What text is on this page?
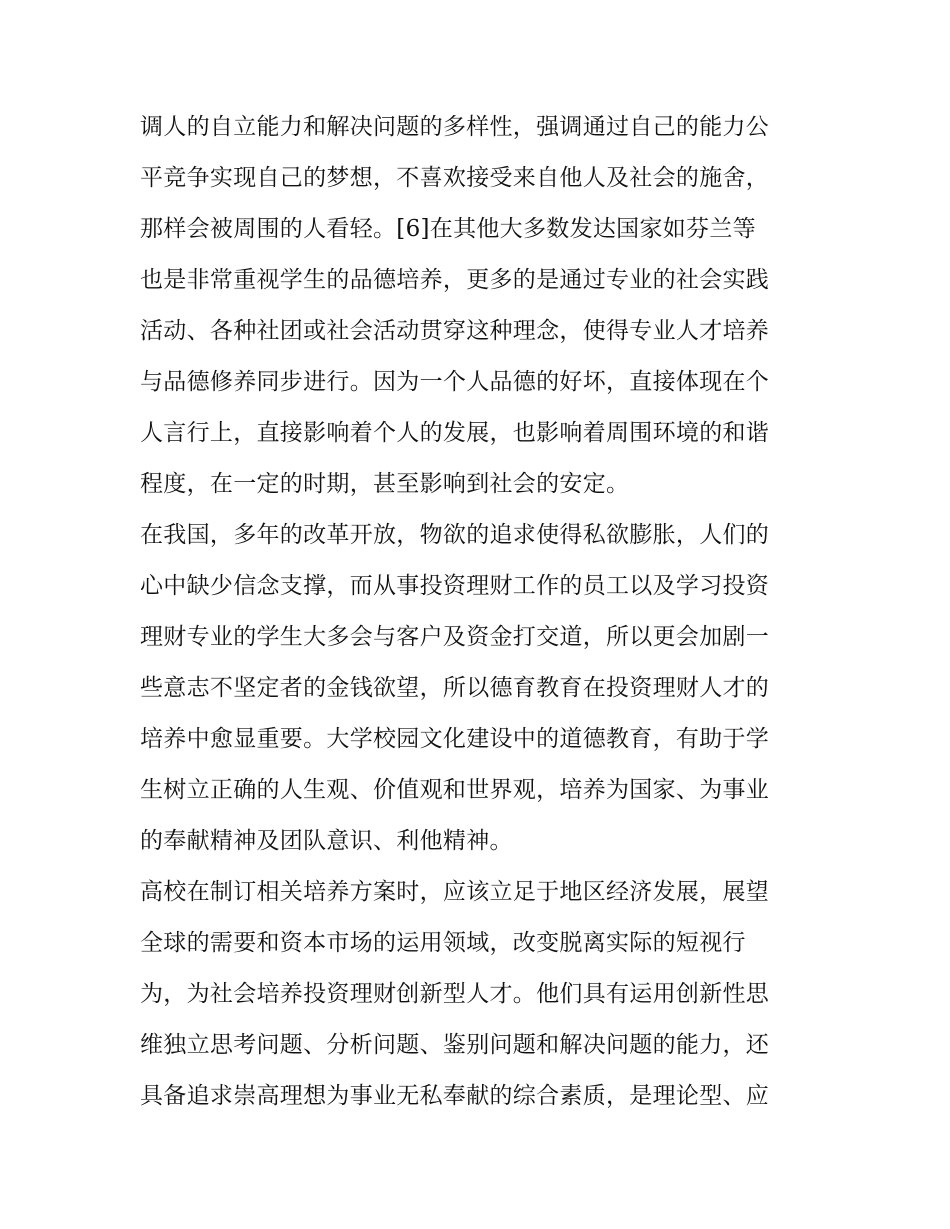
调人的自立能力和解决问题的多样性，强调通过自己的能力公
平竞争实现自己的梦想，不喜欢接受来自他人及社会的施舍，
那样会被周围的人看轻。[6]在其他大多数发达国家如芬兰等
也是非常重视学生的品德培养，更多的是通过专业的社会实践
活动、各种社团或社会活动贯穿这种理念，使得专业人才培养
与品德修养同步进行。因为一个人品德的好坏，直接体现在个
人言行上，直接影响着个人的发展，也影响着周围环境的和谐
程度，在一定的时期，甚至影响到社会的安定。
在我国，多年的改革开放，物欲的追求使得私欲膨胀，人们的
心中缺少信念支撑，而从事投资理财工作的员工以及学习投资
理财专业的学生大多会与客户及资金打交道，所以更会加剧一
些意志不坚定者的金钱欲望，所以德育教育在投资理财人才的
培养中愈显重要。大学校园文化建设中的道德教育，有助于学
生树立正确的人生观、价值观和世界观，培养为国家、为事业
的奉献精神及团队意识、利他精神。
高校在制订相关培养方案时，应该立足于地区经济发展，展望
全球的需要和资本市场的运用领域，改变脱离实际的短视行
为，为社会培养投资理财创新型人才。他们具有运用创新性思
维独立思考问题、分析问题、鉴别问题和解决问题的能力，还
具备追求崇高理想为事业无私奉献的综合素质，是理论型、应
